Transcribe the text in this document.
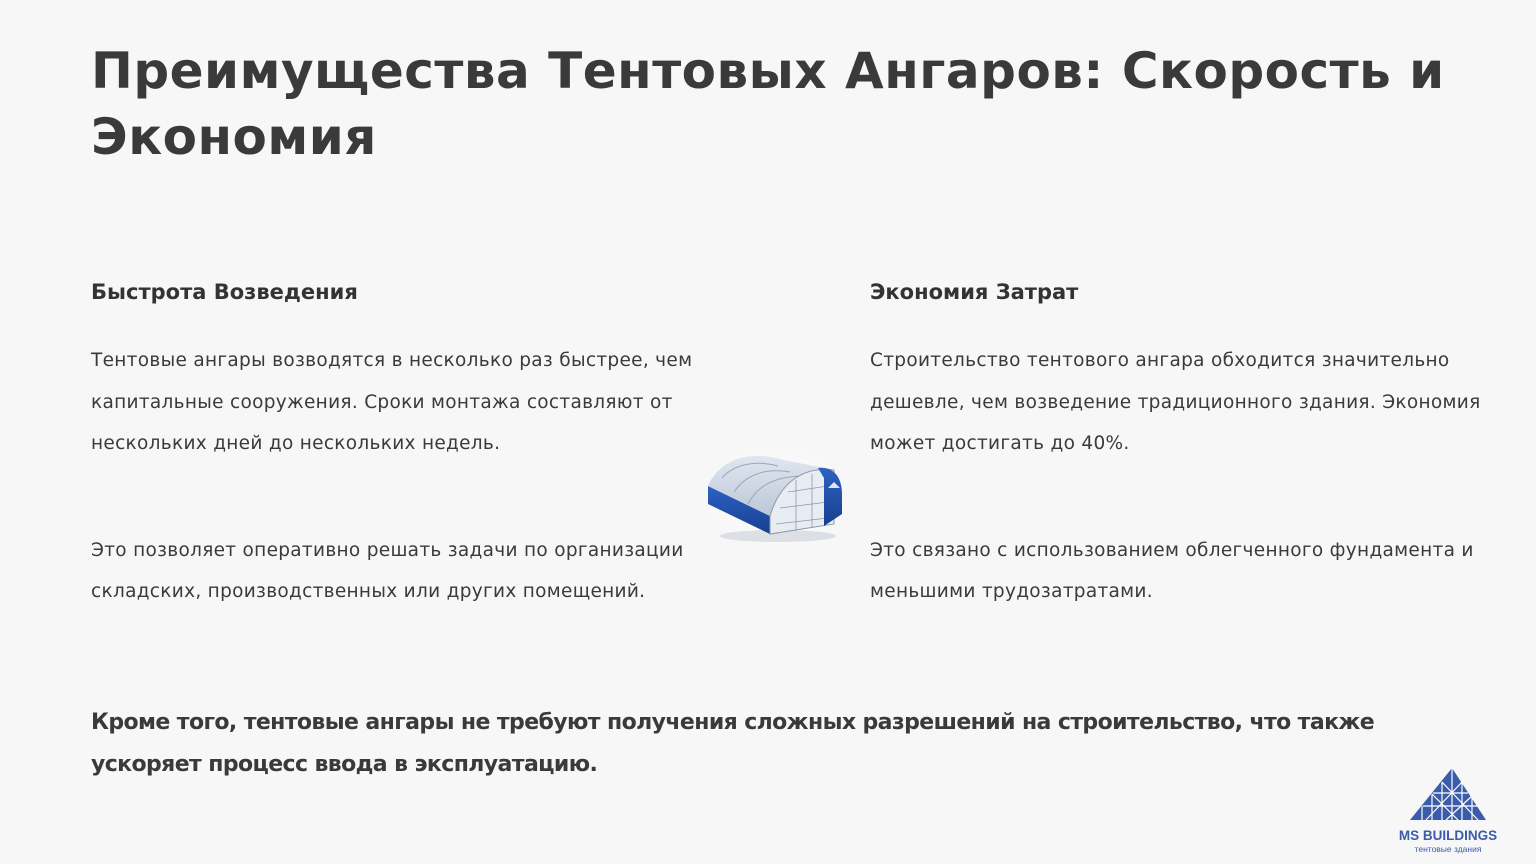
Преимущества Тентовых Ангаров: Скорость и Экономия
Быстрота Возведения

Тентовые ангары возводятся в несколько раз быстрее, чем капитальные сооружения. Сроки монтажа составляют от нескольких дней до нескольких недель.

Это позволяет оперативно решать задачи по организации складских, производственных или других помещений.

Экономия Затрат

Строительство тентового ангара обходится значительно дешевле, чем возведение традиционного здания. Экономия может достигать до 40%.

Это связано с использованием облегченного фундамента и меньшими трудозатратами.

Кроме того, тентовые ангары не требуют получения сложных разрешений на строительство, что также ускоряет процесс ввода в эксплуатацию.

MS BUILDINGS
тентовые здания
